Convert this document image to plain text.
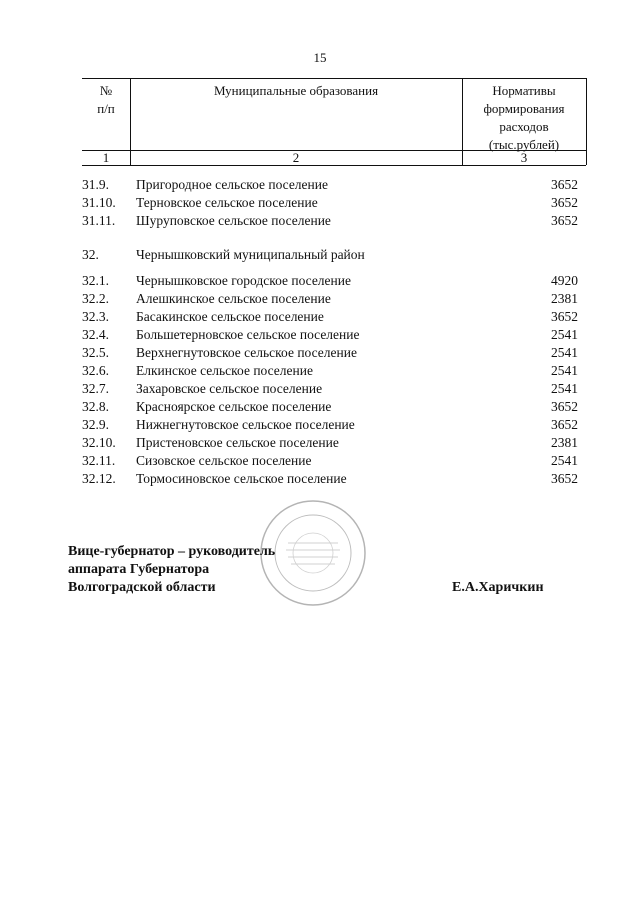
15
№
п/п
Муниципальные образования	Нормативы
формирования
расходов
(тыс.рублей)
1	2	3
31.9. Пригородное сельское поселение	3652
31.10. Терновское сельское поселение	3652
31.11. Шуруповское сельское поселение	3652
32.	Чернышковский муниципальный район
32.1. Чернышковское городское поселение	4920
32.2. Алешкинское сельское поселение	2381
32.3. Басакинское сельское поселение	3652
32.4. Большетерновское сельское поселение	2541
32.5. Верхнегнутовское сельское поселение	2541
32.6. Елкинское сельское поселение	2541
32.7. Захаровское сельское поселение	2541
32.8. Красноярское сельское поселение	3652
32.9. Нижнегнутовское сельское поселение	3652
32.10. Пристеновское сельское поселение	2381
32.11. Сизовское сельское поселение	2541
32.12. Тормосиновское сельское поселение	3652
Вице-губернатор – руководитель
аппарата Губернатора
Волгоградской области	Е.А.Харичкин
